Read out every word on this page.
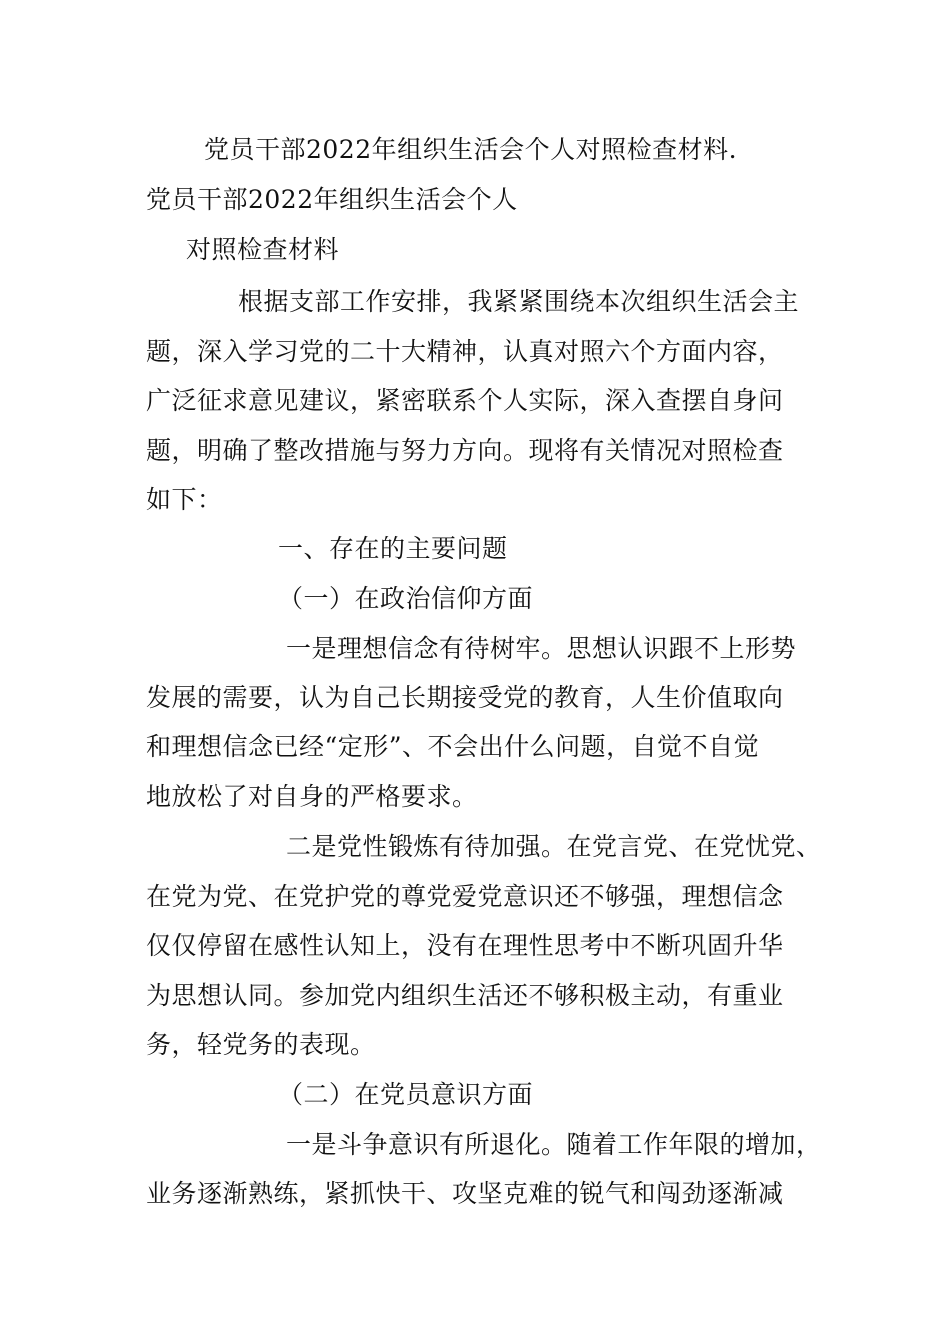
党员干部2022年组织生活会个人对照检查材料.
党员干部2022年组织生活会个人
对照检查材料
根据支部工作安排，我紧紧围绕本次组织生活会主
题，深入学习党的二十大精神，认真对照六个方面内容，
广泛征求意见建议，紧密联系个人实际，深入查摆自身问
题，明确了整改措施与努力方向。现将有关情况对照检查
如下：
一、存在的主要问题
（一）在政治信仰方面
一是理想信念有待树牢。思想认识跟不上形势
发展的需要，认为自己长期接受党的教育，人生价值取向
和理想信念已经“定形”、不会出什么问题，自觉不自觉
地放松了对自身的严格要求。
二是党性锻炼有待加强。在党言党、在党忧党、
在党为党、在党护党的尊党爱党意识还不够强，理想信念
仅仅停留在感性认知上，没有在理性思考中不断巩固升华
为思想认同。参加党内组织生活还不够积极主动，有重业
务，轻党务的表现。
（二）在党员意识方面
一是斗争意识有所退化。随着工作年限的增加，
业务逐渐熟练，紧抓快干、攻坚克难的锐气和闯劲逐渐减
